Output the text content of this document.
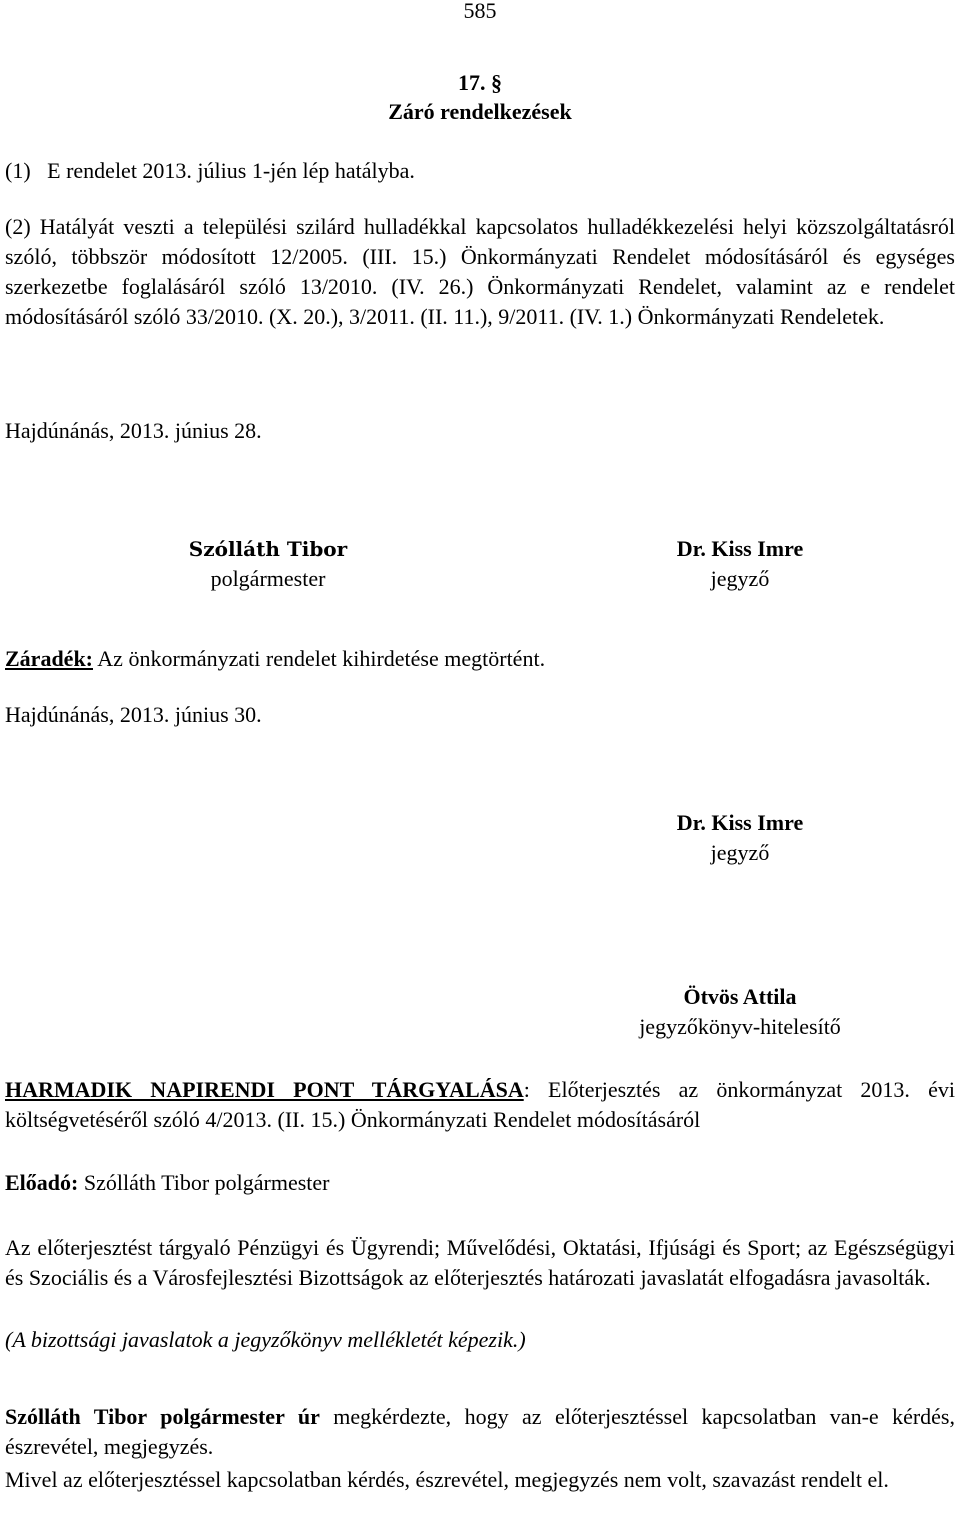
585
17. §
Záró rendelkezések

(1)   E rendelet 2013. július 1-jén lép hatályba.

(2) Hatályát veszti a települési szilárd hulladékkal kapcsolatos hulladékkezelési helyi közszolgáltatásról szóló, többször módosított 12/2005. (III. 15.) Önkormányzati Rendelet módosításáról és egységes szerkezetbe foglalásáról szóló 13/2010. (IV. 26.) Önkormányzati Rendelet, valamint az e rendelet módosításáról szóló 33/2010. (X. 20.), 3/2011. (II. 11.), 9/2011. (IV. 1.) Önkormányzati Rendeletek.

Hajdúnánás, 2013. június 28.

Szólláth Tibor
polgármester
Dr. Kiss Imre
jegyző

Záradék: Az önkormányzati rendelet kihirdetése megtörtént.

Hajdúnánás, 2013. június 30.

Dr. Kiss Imre
jegyző
Ötvös Attila
jegyzőkönyv-hitelesítő

HARMADIK NAPIRENDI PONT TÁRGYALÁSA: Előterjesztés az önkormányzat 2013. évi költségvetéséről szóló 4/2013. (II. 15.) Önkormányzati Rendelet módosításáról

Előadó: Szólláth Tibor polgármester

Az előterjesztést tárgyaló Pénzügyi és Ügyrendi; Művelődési, Oktatási, Ifjúsági és Sport; az Egészségügyi és Szociális és a Városfejlesztési Bizottságok az előterjesztés határozati javaslatát elfogadásra javasolták.

(A bizottsági javaslatok a jegyzőkönyv mellékletét képezik.)

Szólláth Tibor polgármester úr megkérdezte, hogy az előterjesztéssel kapcsolatban van-e kérdés, észrevétel, megjegyzés.

Mivel az előterjesztéssel kapcsolatban kérdés, észrevétel, megjegyzés nem volt, szavazást rendelt el.
